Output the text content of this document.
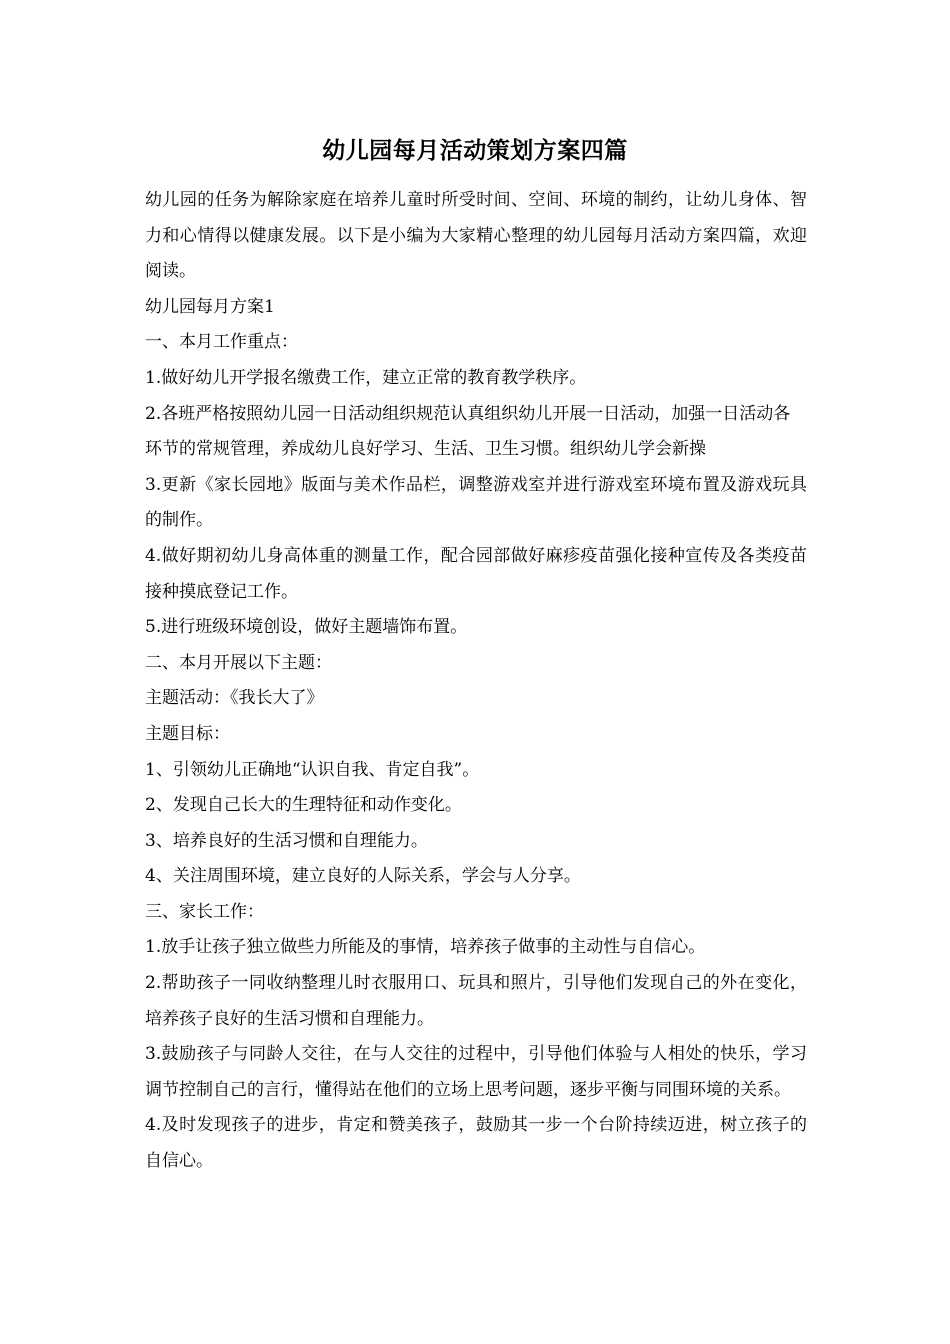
幼儿园每月活动策划方案四篇

幼儿园的任务为解除家庭在培养儿童时所受时间、空间、环境的制约，让幼儿身体、智力和心情得以健康发展。以下是小编为大家精心整理的幼儿园每月活动方案四篇，欢迎阅读。

幼儿园每月方案1

一、本月工作重点：

1.做好幼儿开学报名缴费工作，建立正常的教育教学秩序。

2.各班严格按照幼儿园一日活动组织规范认真组织幼儿开展一日活动，加强一日活动各环节的常规管理，养成幼儿良好学习、生活、卫生习惯。组织幼儿学会新操

3.更新《家长园地》版面与美术作品栏，调整游戏室并进行游戏室环境布置及游戏玩具的制作。

4.做好期初幼儿身高体重的测量工作，配合园部做好麻疹疫苗强化接种宣传及各类疫苗接种摸底登记工作。

5.进行班级环境创设，做好主题墙饰布置。

二、本月开展以下主题：

主题活动：《我长大了》

主题目标：

1、引领幼儿正确地“认识自我、肯定自我”。

2、发现自己长大的生理特征和动作变化。

3、培养良好的生活习惯和自理能力。

4、关注周围环境，建立良好的人际关系，学会与人分享。

三、家长工作：

1.放手让孩子独立做些力所能及的事情，培养孩子做事的主动性与自信心。

2.帮助孩子一同收纳整理儿时衣服用口、玩具和照片，引导他们发现自己的外在变化，培养孩子良好的生活习惯和自理能力。

3.鼓励孩子与同龄人交往，在与人交往的过程中，引导他们体验与人相处的快乐，学习调节控制自己的言行，懂得站在他们的立场上思考问题，逐步平衡与同围环境的关系。

4.及时发现孩子的进步，肯定和赞美孩子，鼓励其一步一个台阶持续迈进，树立孩子的自信心。
